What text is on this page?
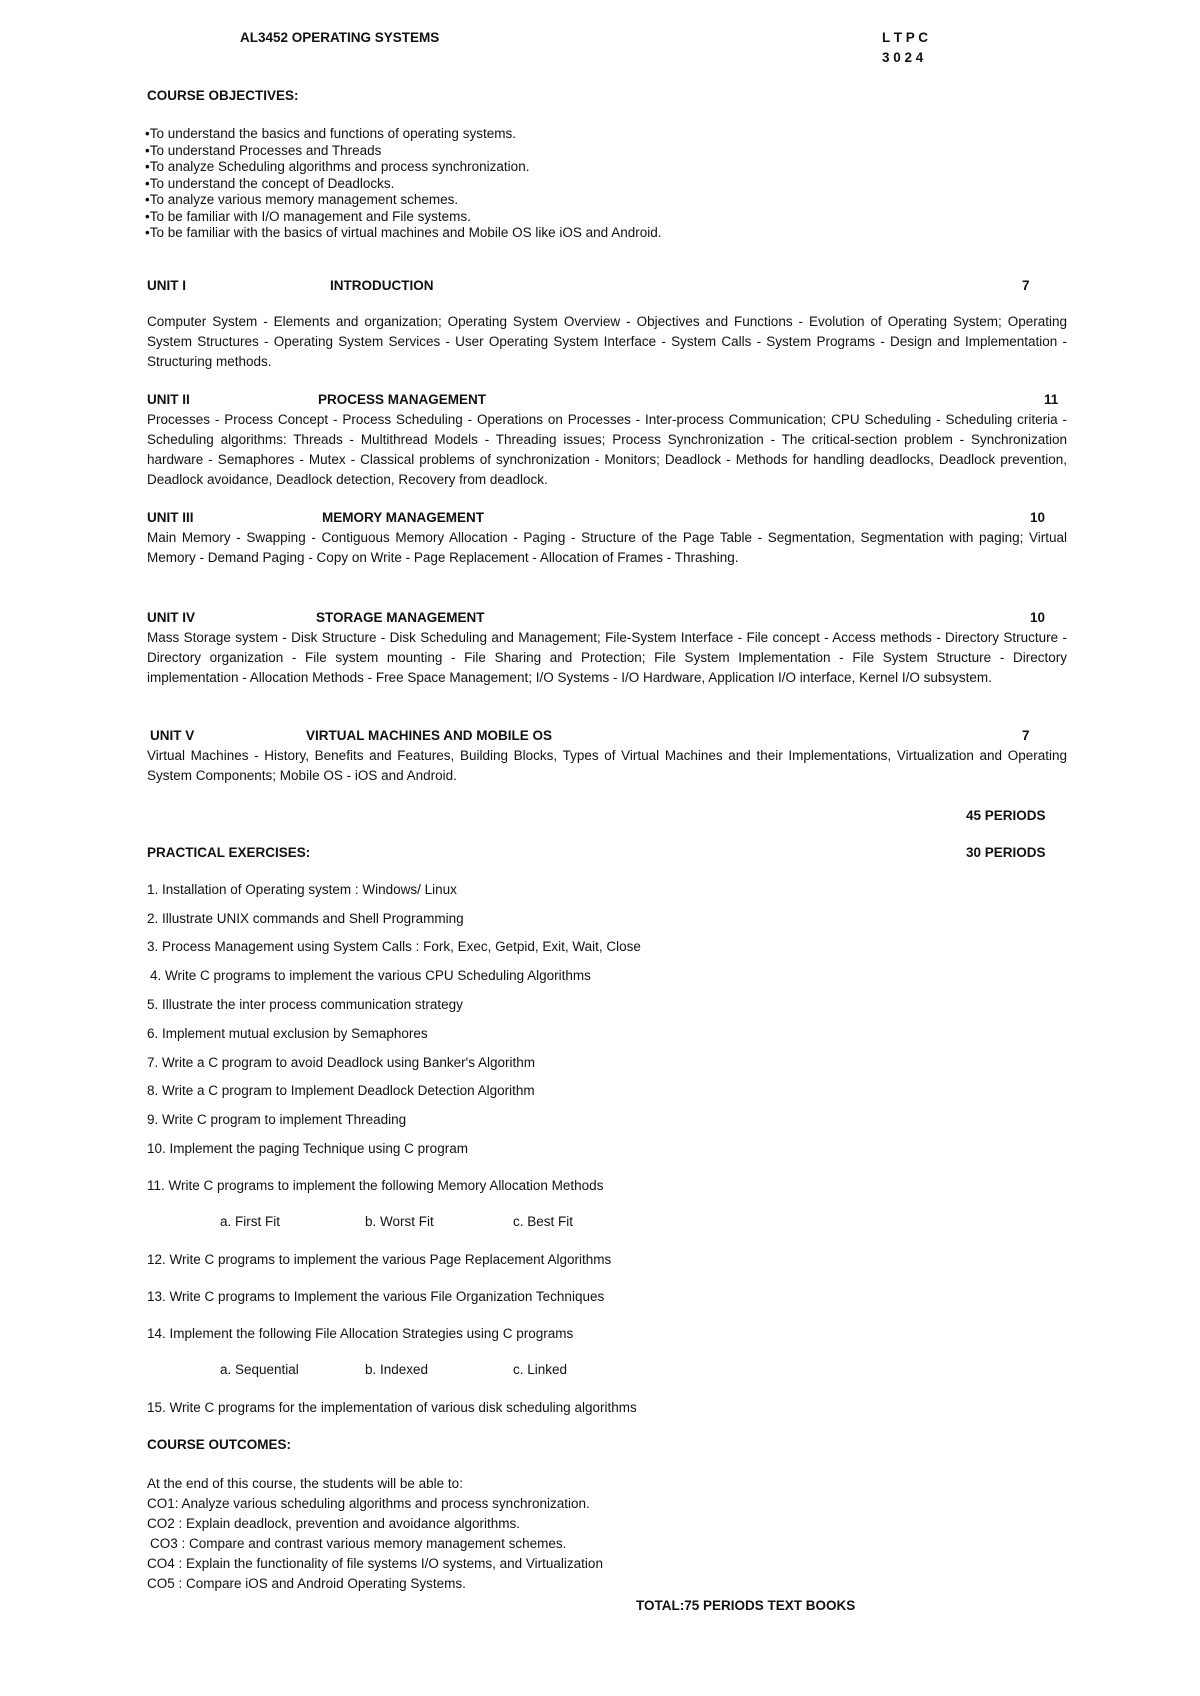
AL3452 OPERATING SYSTEMS	L T P C
3 0 2 4
COURSE OBJECTIVES:
• To understand the basics and functions of operating systems.
• To understand Processes and Threads
• To analyze Scheduling algorithms and process synchronization.
• To understand the concept of Deadlocks.
• To analyze various memory management schemes.
• To be familiar with I/O management and File systems.
• To be familiar with the basics of virtual machines and Mobile OS like iOS and Android.
UNIT I	INTRODUCTION	7
Computer System - Elements and organization; Operating System Overview - Objectives and Functions - Evolution of Operating System; Operating System Structures - Operating System Services - User Operating System Interface - System Calls - System Programs - Design and Implementation - Structuring methods.
UNIT II	PROCESS MANAGEMENT	11
Processes - Process Concept - Process Scheduling - Operations on Processes - Inter-process Communication; CPU Scheduling - Scheduling criteria - Scheduling algorithms: Threads - Multithread Models - Threading issues; Process Synchronization - The critical-section problem - Synchronization hardware - Semaphores - Mutex - Classical problems of synchronization - Monitors; Deadlock - Methods for handling deadlocks, Deadlock prevention, Deadlock avoidance, Deadlock detection, Recovery from deadlock.
UNIT III	MEMORY MANAGEMENT	10
Main Memory - Swapping - Contiguous Memory Allocation - Paging - Structure of the Page Table - Segmentation, Segmentation with paging; Virtual Memory - Demand Paging - Copy on Write - Page Replacement - Allocation of Frames - Thrashing.
UNIT IV	STORAGE MANAGEMENT	10
Mass Storage system - Disk Structure - Disk Scheduling and Management; File-System Interface - File concept - Access methods - Directory Structure - Directory organization - File system mounting - File Sharing and Protection; File System Implementation - File System Structure - Directory implementation - Allocation Methods - Free Space Management; I/O Systems - I/O Hardware, Application I/O interface, Kernel I/O subsystem.
UNIT V	VIRTUAL MACHINES AND MOBILE OS	7
Virtual Machines - History, Benefits and Features, Building Blocks, Types of Virtual Machines and their Implementations, Virtualization and Operating System Components; Mobile OS - iOS and Android.
45 PERIODS
PRACTICAL EXERCISES:	30 PERIODS
1. Installation of Operating system : Windows/ Linux
2. Illustrate UNIX commands and Shell Programming
3. Process Management using System Calls : Fork, Exec, Getpid, Exit, Wait, Close
4. Write C programs to implement the various CPU Scheduling Algorithms
5. Illustrate the inter process communication strategy
6. Implement mutual exclusion by Semaphores
7. Write a C program to avoid Deadlock using Banker's Algorithm
8. Write a C program to Implement Deadlock Detection Algorithm
9. Write C program to implement Threading
10. Implement the paging Technique using C program
11. Write C programs to implement the following Memory Allocation Methods
a. First Fit	b. Worst Fit	c. Best Fit
12. Write C programs to implement the various Page Replacement Algorithms
13. Write C programs to Implement the various File Organization Techniques
14. Implement the following File Allocation Strategies using C programs
a. Sequential	b. Indexed	c. Linked
15. Write C programs for the implementation of various disk scheduling algorithms
COURSE OUTCOMES:
At the end of this course, the students will be able to:
CO1: Analyze various scheduling algorithms and process synchronization.
CO2 : Explain deadlock, prevention and avoidance algorithms.
CO3 : Compare and contrast various memory management schemes.
CO4 : Explain the functionality of file systems I/O systems, and Virtualization
CO5 : Compare iOS and Android Operating Systems.
TOTAL:75 PERIODS TEXT BOOKS
